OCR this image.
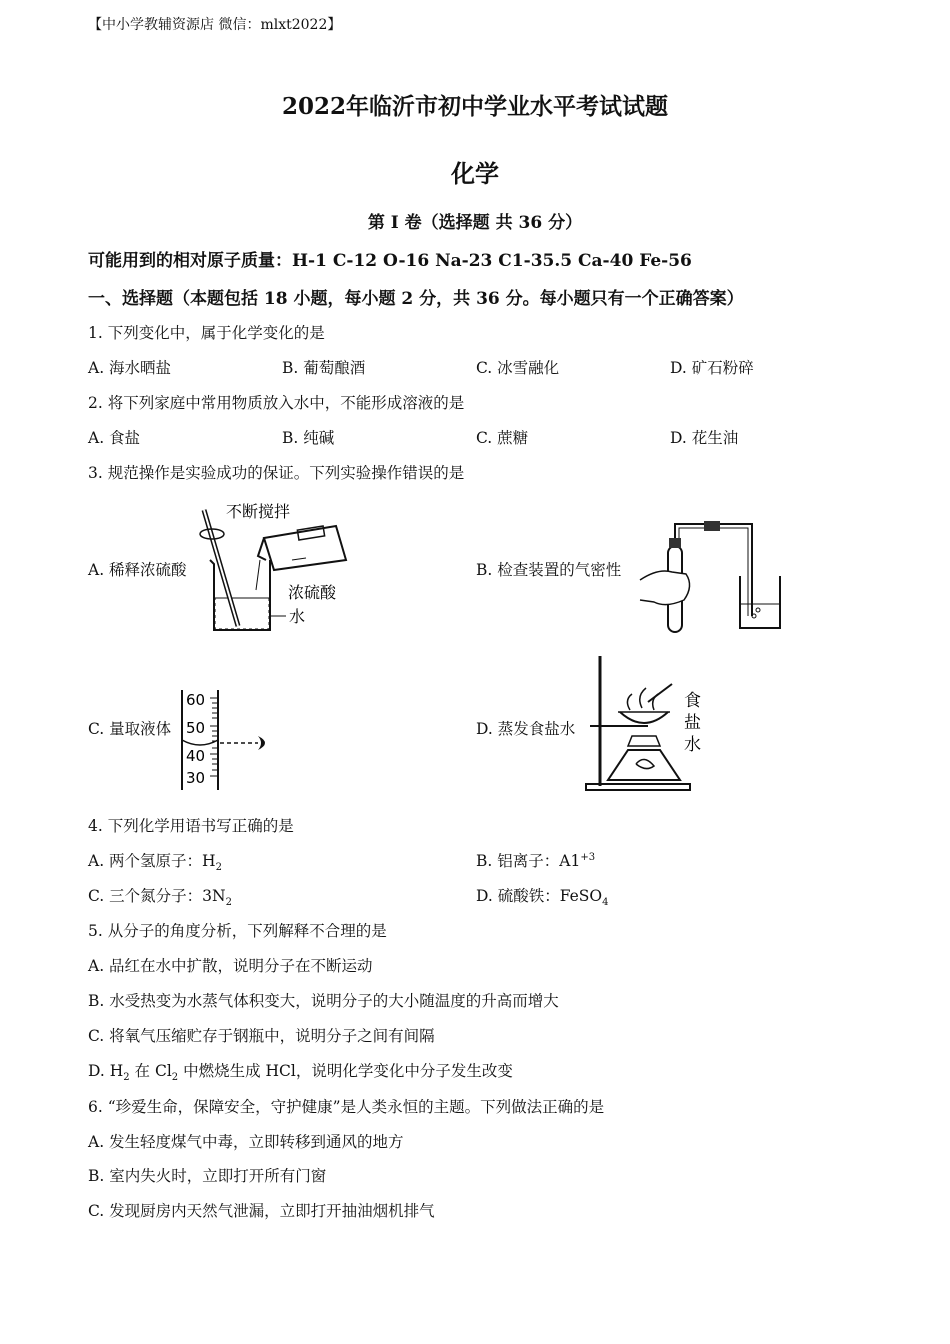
【中小学教辅资源店 微信：mlxt2022】
2022年临沂市初中学业水平考试试题
化学
第 I 卷（选择题 共 36 分）
可能用到的相对原子质量：H-1 C-12 O-16 Na-23 C1-35.5 Ca-40 Fe-56
一、选择题（本题包括 18 小题，每小题 2 分，共 36 分。每小题只有一个正确答案）
1. 下列变化中，属于化学变化的是
A. 海水晒盐	B. 葡萄酿酒	C. 冰雪融化	D. 矿石粉碎
2. 将下列家庭中常用物质放入水中，不能形成溶液的是
A. 食盐	B. 纯碱	C. 蔗糖	D. 花生油
3. 规范操作是实验成功的保证。下列实验操作错误的是
A. 稀释浓硫酸	B. 检查装置的气密性
C. 量取液体	D. 蒸发食盐水
不断搅拌
浓硫酸
水
60
50
40
30
食
盐
水
4. 下列化学用语书写正确的是
A. 两个氢原子：$H_2$	B. 铝离子：$A1^{+3}$
C. 三个氮分子：$3N_2$	D. 硫酸铁：FeSO$_4$
5. 从分子的角度分析，下列解释不合理的是
A. 品红在水中扩散，说明分子在不断运动
B. 水受热变为水蒸气体积变大，说明分子的大小随温度的升高而增大
C. 将氧气压缩贮存于钢瓶中，说明分子之间有间隔
D. $H_2$ 在 $Cl_2$ 中燃烧生成 HCl，说明化学变化中分子发生改变
6. “珍爱生命，保障安全，守护健康”是人类永恒的主题。下列做法正确的是
A. 发生轻度煤气中毒，立即转移到通风的地方
B. 室内失火时，立即打开所有门窗
C. 发现厨房内天然气泄漏，立即打开抽油烟机排气
